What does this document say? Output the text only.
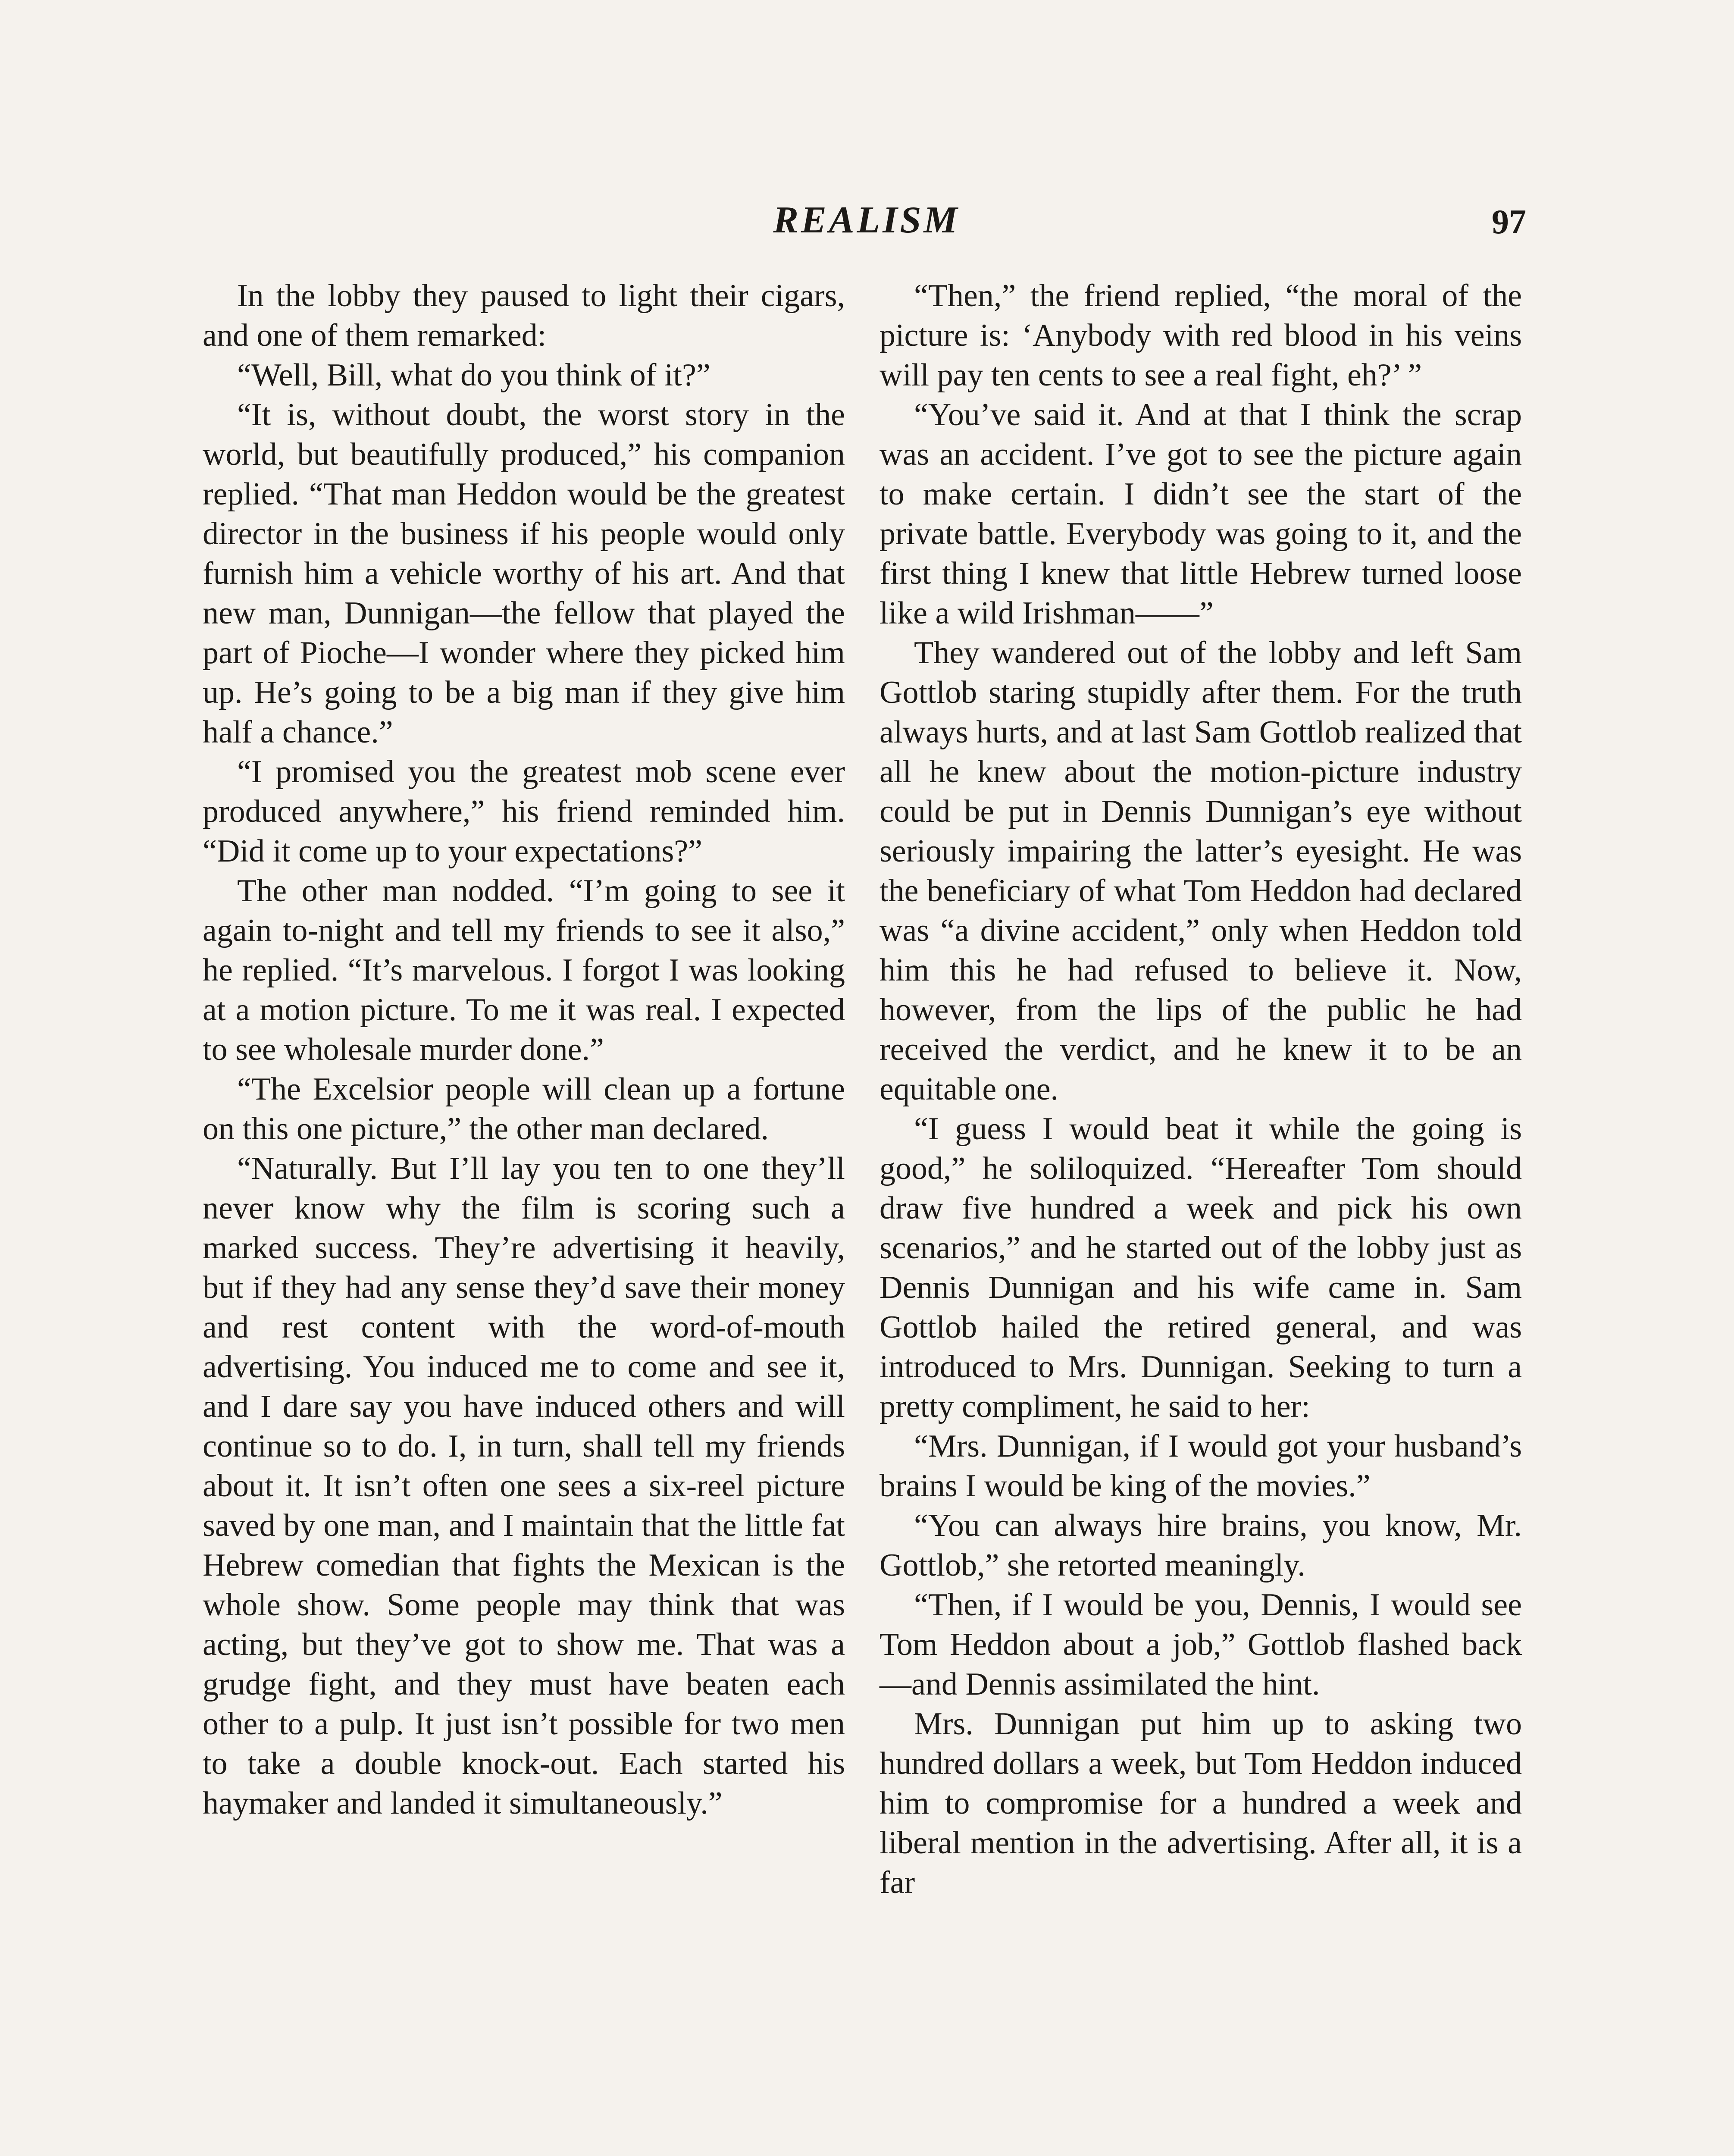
REALISM	97

In the lobby they paused to light their cigars, and one of them remarked:

“Well, Bill, what do you think of it?”

“It is, without doubt, the worst story in the world, but beautifully produced,” his companion replied. “That man Heddon would be the greatest director in the business if his people would only furnish him a vehicle worthy of his art. And that new man, Dunnigan—the fellow that played the part of Pioche—I wonder where they picked him up. He’s going to be a big man if they give him half a chance.”

“I promised you the greatest mob scene ever produced anywhere,” his friend reminded him. “Did it come up to your expectations?”

The other man nodded. “I’m going to see it again to-night and tell my friends to see it also,” he replied. “It’s marvelous. I forgot I was looking at a motion picture. To me it was real. I expected to see wholesale murder done.”

“The Excelsior people will clean up a fortune on this one picture,” the other man declared.

“Naturally. But I’ll lay you ten to one they’ll never know why the film is scoring such a marked success. They’re advertising it heavily, but if they had any sense they’d save their money and rest content with the word-of-mouth advertising. You induced me to come and see it, and I dare say you have induced others and will continue so to do. I, in turn, shall tell my friends about it. It isn’t often one sees a six-reel picture saved by one man, and I maintain that the little fat Hebrew comedian that fights the Mexican is the whole show. Some people may think that was acting, but they’ve got to show me. That was a grudge fight, and they must have beaten each other to a pulp. It just isn’t possible for two men to take a double knock-out. Each started his haymaker and landed it simultaneously.”

“Then,” the friend replied, “the moral of the picture is: ‘Anybody with red blood in his veins will pay ten cents to see a real fight, eh?’ ”

“You’ve said it. And at that I think the scrap was an accident. I’ve got to see the picture again to make certain. I didn’t see the start of the private battle. Everybody was going to it, and the first thing I knew that little Hebrew turned loose like a wild Irishman——”

They wandered out of the lobby and left Sam Gottlob staring stupidly after them. For the truth always hurts, and at last Sam Gottlob realized that all he knew about the motion-picture industry could be put in Dennis Dunnigan’s eye without seriously impairing the latter’s eyesight. He was the beneficiary of what Tom Heddon had declared was “a divine accident,” only when Heddon told him this he had refused to believe it. Now, however, from the lips of the public he had received the verdict, and he knew it to be an equitable one.

“I guess I would beat it while the going is good,” he soliloquized. “Hereafter Tom should draw five hundred a week and pick his own scenarios,” and he started out of the lobby just as Dennis Dunnigan and his wife came in. Sam Gottlob hailed the retired general, and was introduced to Mrs. Dunnigan. Seeking to turn a pretty compliment, he said to her:

“Mrs. Dunnigan, if I would got your husband’s brains I would be king of the movies.”

“You can always hire brains, you know, Mr. Gottlob,” she retorted meaningly.

“Then, if I would be you, Dennis, I would see Tom Heddon about a job,” Gottlob flashed back—and Dennis assimilated the hint.

Mrs. Dunnigan put him up to asking two hundred dollars a week, but Tom Heddon induced him to compromise for a hundred a week and liberal mention in the advertising. After all, it is a far
